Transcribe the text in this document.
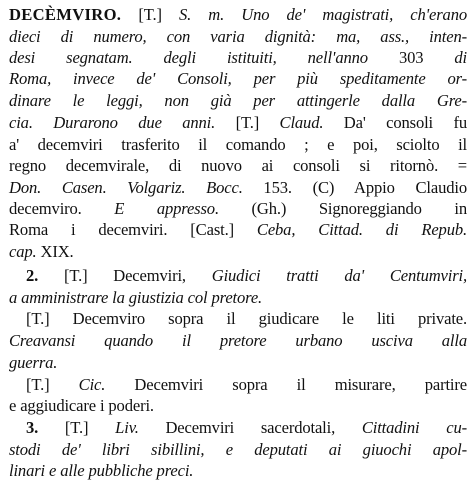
DECÈMVIRO. [T.] S. m. Uno de' magistrati, ch'erano
dieci di numero, con varia dignità: ma, ass., inten-
desi segnatam. degli istituiti, nell'anno 303 di
Roma, invece de' Consoli, per più speditamente or-
dinare le leggi, non già per attingerle dalla Gre-
cia. Durarono due anni. [T.] Claud. Da' consoli fu
a' decemviri trasferito il comando ; e poi, sciolto il
regno decemvirale, di nuovo ai consoli si ritornò. =
Don. Casen. Volgariz. Bocc. 153. (C) Appio Claudio
decemviro. E appresso. (Gh.) Signoreggiando in
Roma i decemviri. [Cast.] Ceba, Cittad. di Repub.
cap. XIX.
2. [T.] Decemviri, Giudici tratti da' Centumviri,
a amministrare la giustizia col pretore.
[T.] Decemviro sopra il giudicare le liti private.
Creavansi quando il pretore urbano usciva alla
guerra.
[T.] Cic. Decemviri sopra il misurare, partire
e aggiudicare i poderi.
3. [T.] Liv. Decemviri sacerdotali, Cittadini cu-
stodi de' libri sibillini, e deputati ai giuochi apol-
linari e alle pubbliche preci.
